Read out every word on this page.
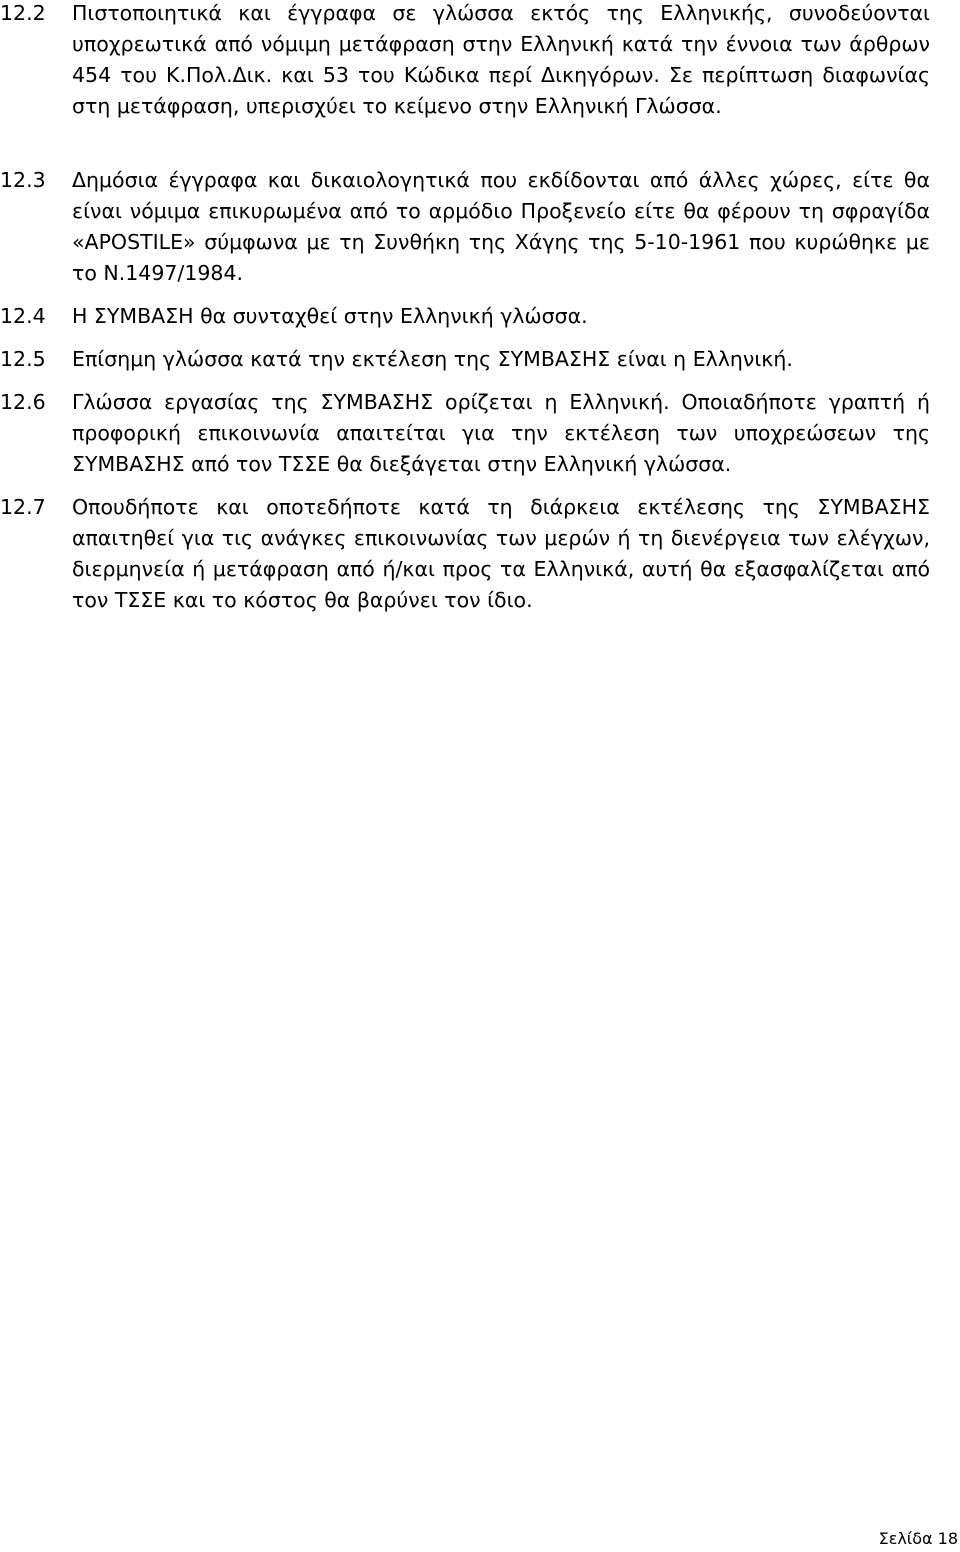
12.2	Πιστοποιητικά και έγγραφα σε γλώσσα εκτός της Ελληνικής, συνοδεύονται υποχρεωτικά από νόμιμη μετάφραση στην Ελληνική κατά την έννοια των άρθρων 454 του Κ.Πολ.Δικ. και 53 του Κώδικα περί Δικηγόρων. Σε περίπτωση διαφωνίας στη μετάφραση, υπερισχύει το κείμενο στην Ελληνική Γλώσσα.
12.3	Δημόσια έγγραφα και δικαιολογητικά που εκδίδονται από άλλες χώρες, είτε θα είναι νόμιμα επικυρωμένα από το αρμόδιο Προξενείο είτε θα φέρουν τη σφραγίδα «APOSTILE» σύμφωνα με τη Συνθήκη της Χάγης της 5-10-1961 που κυρώθηκε με το Ν.1497/1984.
12.4	Η ΣΥΜΒΑΣΗ θα συνταχθεί στην Ελληνική γλώσσα.
12.5	Επίσημη γλώσσα κατά την εκτέλεση της ΣΥΜΒΑΣΗΣ είναι η Ελληνική.
12.6	Γλώσσα εργασίας της ΣΥΜΒΑΣΗΣ ορίζεται η Ελληνική. Οποιαδήποτε γραπτή ή προφορική επικοινωνία απαιτείται για την εκτέλεση των υποχρεώσεων της ΣΥΜΒΑΣΗΣ από τον ΤΣΣΕ θα διεξάγεται στην Ελληνική γλώσσα.
12.7	Οπουδήποτε και οποτεδήποτε κατά τη διάρκεια εκτέλεσης της ΣΥΜΒΑΣΗΣ απαιτηθεί για τις ανάγκες επικοινωνίας των μερών ή τη διενέργεια των ελέγχων, διερμηνεία ή μετάφραση από ή/και προς τα Ελληνικά, αυτή θα εξασφαλίζεται από τον ΤΣΣΕ και το κόστος θα βαρύνει τον ίδιο.
Σελίδα 18
